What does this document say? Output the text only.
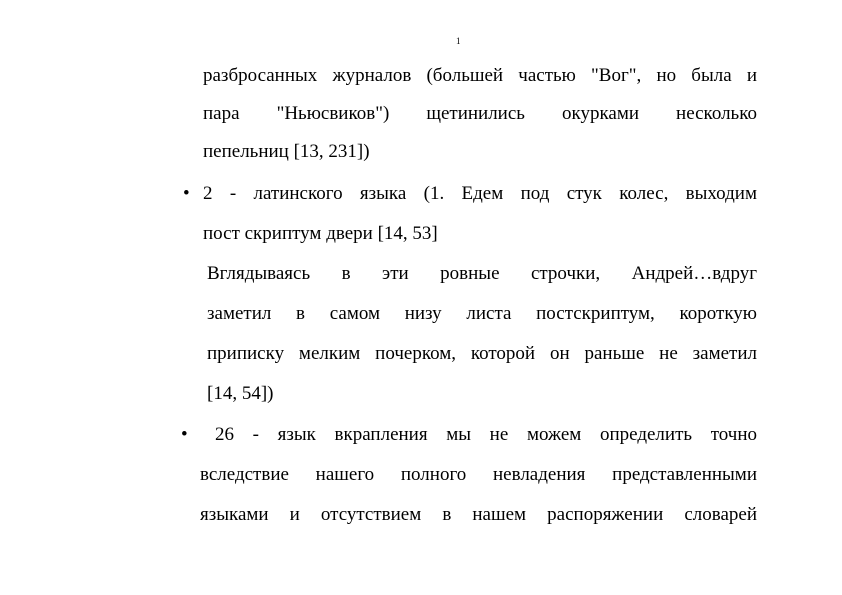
1
разбросанных журналов (большей частью "Вог", но была и
пара "Ньюсвиков") щетинились окурками несколько
пепельниц [13, 231])
• 2 - латинского языка (1. Едем под стук колес, выходим
пост скриптум двери [14, 53]
Вглядываясь в эти ровные строчки, Андрей…вдруг
заметил в самом низу листа постскриптум, короткую
приписку мелким почерком, которой он раньше не заметил
[14, 54])
• 26 - язык вкрапления мы не можем определить точно
вследствие нашего полного невладения представленными
языками и отсутствием в нашем распоряжении словарей
